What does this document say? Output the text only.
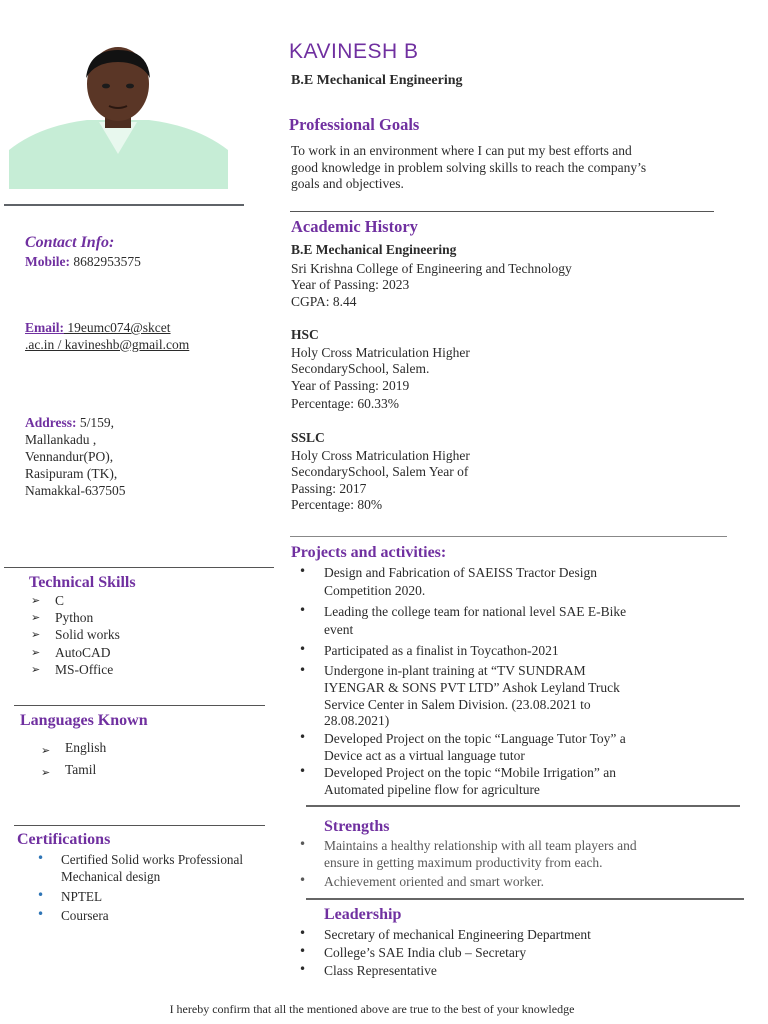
KAVINESH B
B.E Mechanical Engineering
Professional Goals
To work in an environment where I can put my best efforts and
good knowledge in problem solving skills to reach the company’s
goals and objectives.
Academic History
B.E Mechanical Engineering
Sri Krishna College of Engineering and Technology
Year of Passing: 2023
CGPA: 8.44
HSC
Holy Cross Matriculation Higher
SecondarySchool, Salem.
Year of Passing: 2019
Percentage: 60.33%
SSLC
Holy Cross Matriculation Higher
SecondarySchool, Salem Year of
Passing: 2017
Percentage: 80%
Contact Info:
Mobile: 8682953575
Email: 19eumc074@skcet
.ac.in / kavineshb@gmail.com
Address: 5/159,
Mallankadu ,
Vennandur(PO),
Rasipuram (TK),
Namakkal-637505
Technical Skills
➢ C
➢ Python
➢ Solid works
➢ AutoCAD
➢ MS-Office
Languages Known
➢ English
➢ Tamil
Certifications
• Certified Solid works Professional
Mechanical design
• NPTEL
• Coursera
Projects and activities:
• Design and Fabrication of SAEISS Tractor Design
Competition 2020.
• Leading the college team for national level SAE E-Bike
event
• Participated as a finalist in Toycathon-2021
• Undergone in-plant training at “TV SUNDRAM
IYENGAR & SONS PVT LTD” Ashok Leyland Truck
Service Center in Salem Division. (23.08.2021 to
28.08.2021)
• Developed Project on the topic “Language Tutor Toy” a
Device act as a virtual language tutor
• Developed Project on the topic “Mobile Irrigation” an
Automated pipeline flow for agriculture
Strengths
• Maintains a healthy relationship with all team players and
ensure in getting maximum productivity from each.
• Achievement oriented and smart worker.
Leadership
• Secretary of mechanical Engineering Department
• College’s SAE India club – Secretary
• Class Representative
I hereby confirm that all the mentioned above are true to the best of your knowledge
